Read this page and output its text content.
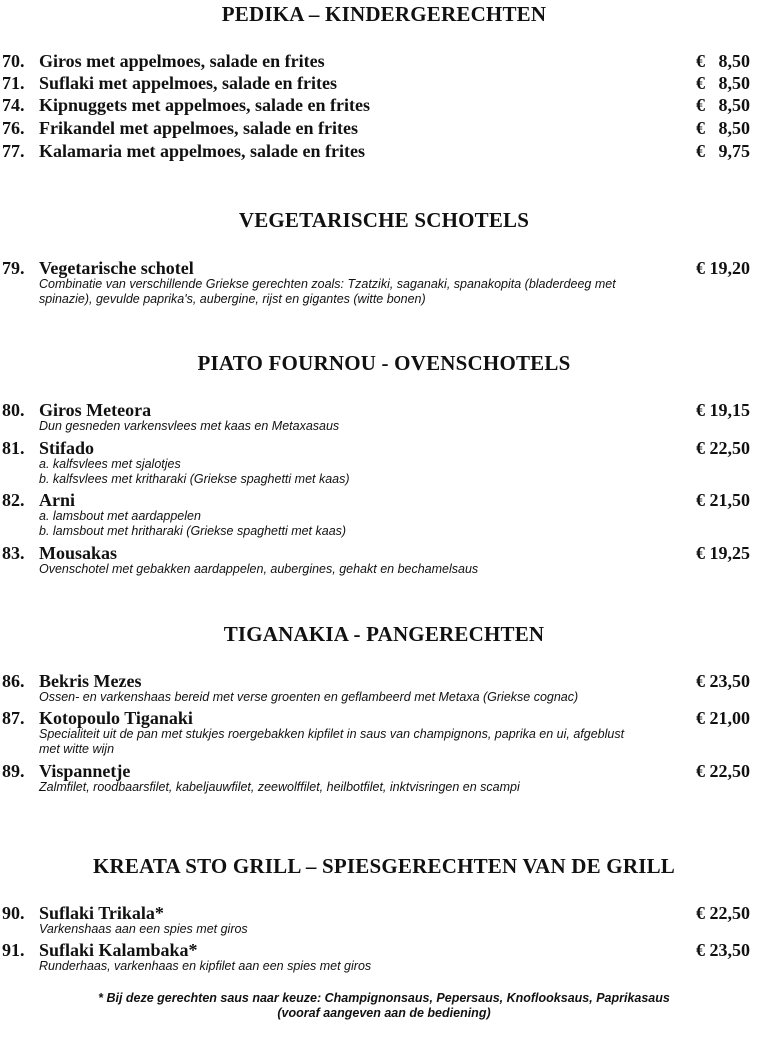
PEDIKA – KINDERGERECHTEN
70. Giros met appelmoes, salade en frites	€   8,50
71. Suflaki met appelmoes, salade en frites	€   8,50
74. Kipnuggets met appelmoes, salade en frites	€   8,50
76. Frikandel met appelmoes, salade en frites	€   8,50
77. Kalamaria met appelmoes, salade en frites	€   9,75
VEGETARISCHE SCHOTELS
79. Vegetarische schotel	€ 19,20
Combinatie van verschillende Griekse gerechten zoals: Tzatziki, saganaki, spanakopita (bladerdeeg met
spinazie), gevulde paprika's, aubergine, rijst en gigantes (witte bonen)
PIATO FOURNOU - OVENSCHOTELS
80. Giros Meteora	€ 19,15
Dun gesneden varkensvlees met kaas en Metaxasaus
81. Stifado	€ 22,50
a. kalfsvlees met sjalotjes
b. kalfsvlees met kritharaki (Griekse spaghetti met kaas)
82. Arni	€ 21,50
a. lamsbout met aardappelen
b. lamsbout met hritharaki (Griekse spaghetti met kaas)
83. Mousakas	€ 19,25
Ovenschotel met gebakken aardappelen, aubergines, gehakt en bechamelsaus
TIGANAKIA - PANGERECHTEN
86. Bekris Mezes	€ 23,50
Ossen- en varkenshaas bereid met verse groenten en geflambeerd met Metaxa (Griekse cognac)
87. Kotopoulo Tiganaki	€ 21,00
Specialiteit uit de pan met stukjes roergebakken kipfilet in saus van champignons, paprika en ui, afgeblust
met witte wijn
89. Vispannetje	€ 22,50
Zalmfilet, roodbaarsfilet, kabeljauwfilet, zeewolffilet, heilbotfilet, inktvisringen en scampi
KREATA STO GRILL – SPIESGERECHTEN VAN DE GRILL
90. Suflaki Trikala*	€ 22,50
Varkenshaas aan een spies met giros
91. Suflaki Kalambaka*	€ 23,50
Runderhaas, varkenhaas en kipfilet aan een spies met giros
* Bij deze gerechten saus naar keuze: Champignonsaus, Pepersaus, Knoflooksaus, Paprikasaus
(vooraf aangeven aan de bediening)
